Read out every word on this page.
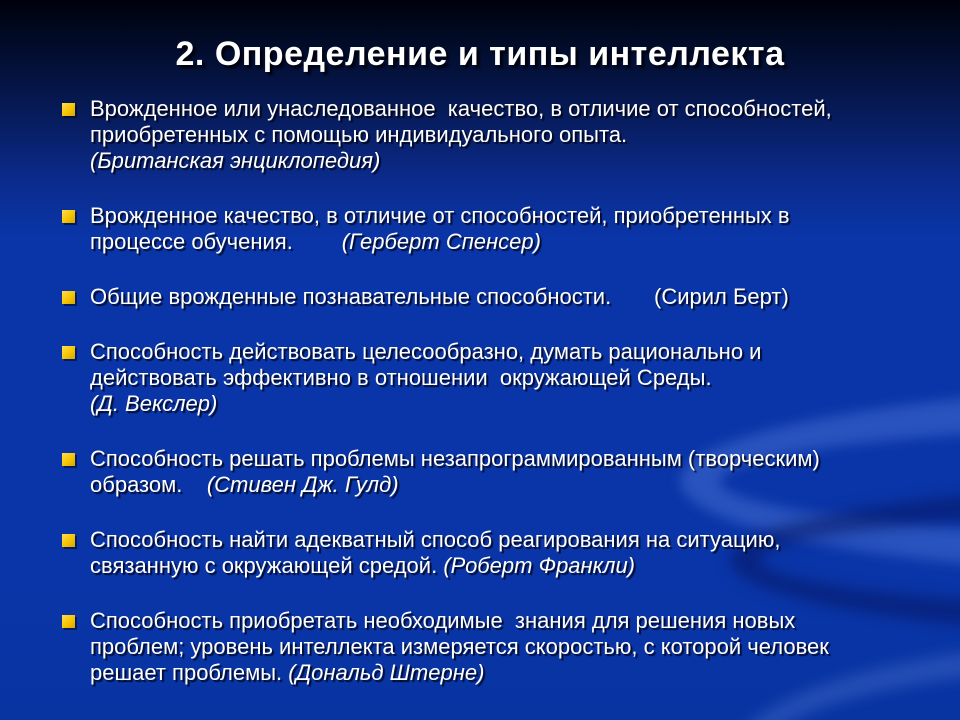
2. Определение и типы интеллекта
Врожденное или унаследованное  качество, в отличие от способностей,
приобретенных с помощью индивидуального опыта.
(Британская энциклопедия)
Врожденное качество, в отличие от способностей, приобретенных в
процессе обучения.        (Герберт Спенсер)
Общие врожденные познавательные способности.       (Сирил Берт)
Способность действовать целесообразно, думать рационально и
действовать эффективно в отношении  окружающей Среды.
(Д. Векслер)
Способность решать проблемы незапрограммированным (творческим)
образом.    (Стивен Дж. Гулд)
Способность найти адекватный способ реагирования на ситуацию,
связанную с окружающей средой. (Роберт Франкли)
Способность приобретать необходимые  знания для решения новых
проблем; уровень интеллекта измеряется скоростью, с которой человек
решает проблемы. (Дональд Штерне)
